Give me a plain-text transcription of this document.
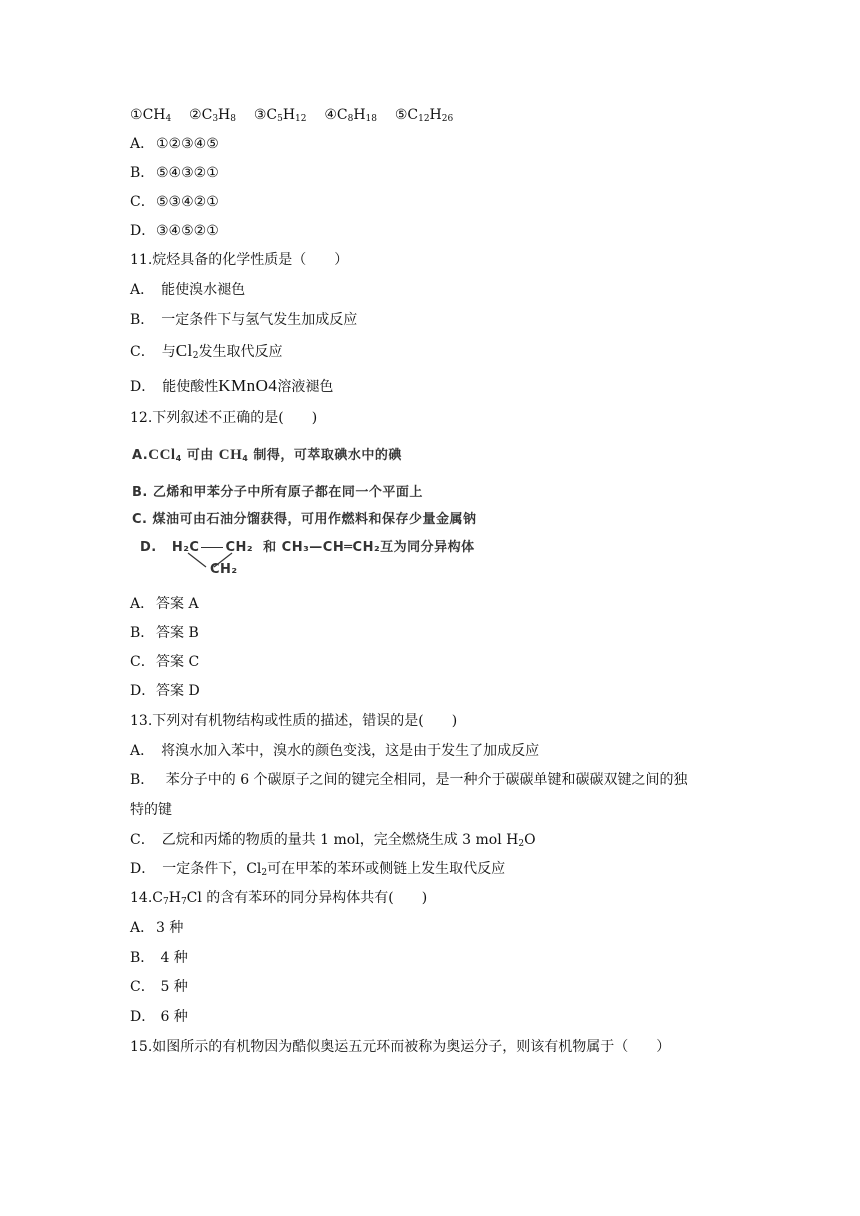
$①CH_4$ $②C_3H_8$ $③C_5H_{12}$ $④C_8H_{18}$ $⑤C_{12}H_{26}$
A． ①②③④⑤
B． ⑤④③②①
C．⑤③④②①
D．③④⑤②①
11.烷烃具备的化学性质是（　　）
A．　能使溴水褪色
B．　一定条件下与氢气发生加成反应
C．　与$Cl_2$发生取代反应
D．　能使酸性KMnO4溶液褪色
12.下列叙述不正确的是(　　)
A.CCl$_4$ 可由 $CH_4$ 制得，可萃取碘水中的碘
B. 乙烯和甲苯分子中所有原子都在同一个平面上
C. 煤油可由石油分馏获得，可用作燃料和保存少量金属钠
D. H₂C CH₂ 和 CH₃—CH═CH₂互为同分异构体
CH₂
A． 答案 A
B． 答案 B
C．答案 C
D．答案 D
13.下列对有机物结构或性质的描述，错误的是(　　)
A．　将溴水加入苯中，溴水的颜色变浅，这是由于发生了加成反应
B．　 苯分子中的 6 个碳原子之间的键完全相同，是一种介于碳碳单键和碳碳双键之间的独
特的键
C．　乙烷和丙烯的物质的量共 1 mol，完全燃烧生成 3 mol $H_2O$
D．　一定条件下，$Cl_2$可在甲苯的苯环或侧链上发生取代反应
$14.C_7H_7Cl$ 的含有苯环的同分异构体共有(　　)
A． 3 种
B． 4 种
C． 5 种
D． 6 种
15.如图所示的有机物因为酷似奥运五元环而被称为奥运分子，则该有机物属于（　　）
